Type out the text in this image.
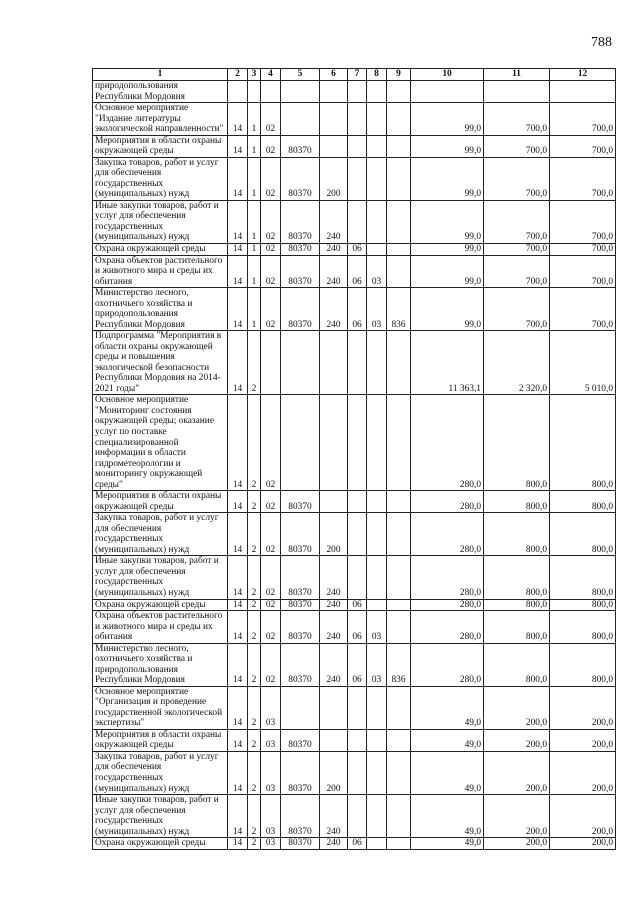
788
1	2	3	4	5	6	7	8	9	10	11	12
природопользования Республики Мордовия											
Основное мероприятие "Издание литературы экологической направленности"	14	1	02						99,0	700,0	700,0
Мероприятия в области охраны окружающей среды	14	1	02	80370					99,0	700,0	700,0
Закупка товаров, работ и услуг для обеспечения государственных (муниципальных) нужд	14	1	02	80370	200				99,0	700,0	700,0
Иные закупки товаров, работ и услуг для обеспечения государственных (муниципальных) нужд	14	1	02	80370	240				99,0	700,0	700,0
Охрана окружающей среды	14	1	02	80370	240	06			99,0	700,0	700,0
Охрана объектов растительного и животного мира и среды их обитания	14	1	02	80370	240	06	03		99,0	700,0	700,0
Министерство лесного, охотничьего хозяйства и природопользования Республики Мордовия	14	1	02	80370	240	06	03	836	99,0	700,0	700,0
Подпрограмма "Мероприятия в области охраны окружающей среды и повышения экологической безопасности Республики Мордовия на 2014-2021 годы"	14	2							11 363,1	2 320,0	5 010,0
Основное мероприятие "Мониторинг состояния окружающей среды; оказание услуг по поставке специализированной информации в области гидрометеорологии и мониторингу окружающей среды"	14	2	02						280,0	800,0	800,0
Мероприятия в области охраны окружающей среды	14	2	02	80370					280,0	800,0	800,0
Закупка товаров, работ и услуг для обеспечения государственных (муниципальных) нужд	14	2	02	80370	200				280,0	800,0	800,0
Иные закупки товаров, работ и услуг для обеспечения государственных (муниципальных) нужд	14	2	02	80370	240				280,0	800,0	800,0
Охрана окружающей среды	14	2	02	80370	240	06			280,0	800,0	800,0
Охрана объектов растительного и животного мира и среды их обитания	14	2	02	80370	240	06	03		280,0	800,0	800,0
Министерство лесного, охотничьего хозяйства и природопользования Республики Мордовия	14	2	02	80370	240	06	03	836	280,0	800,0	800,0
Основное мероприятие "Организация и проведение государственной экологической экспертизы"	14	2	03						49,0	200,0	200,0
Мероприятия в области охраны окружающей среды	14	2	03	80370					49,0	200,0	200,0
Закупка товаров, работ и услуг для обеспечения государственных (муниципальных) нужд	14	2	03	80370	200				49,0	200,0	200,0
Иные закупки товаров, работ и услуг для обеспечения государственных (муниципальных) нужд	14	2	03	80370	240				49,0	200,0	200,0
Охрана окружающей среды	14	2	03	80370	240	06			49,0	200,0	200,0
